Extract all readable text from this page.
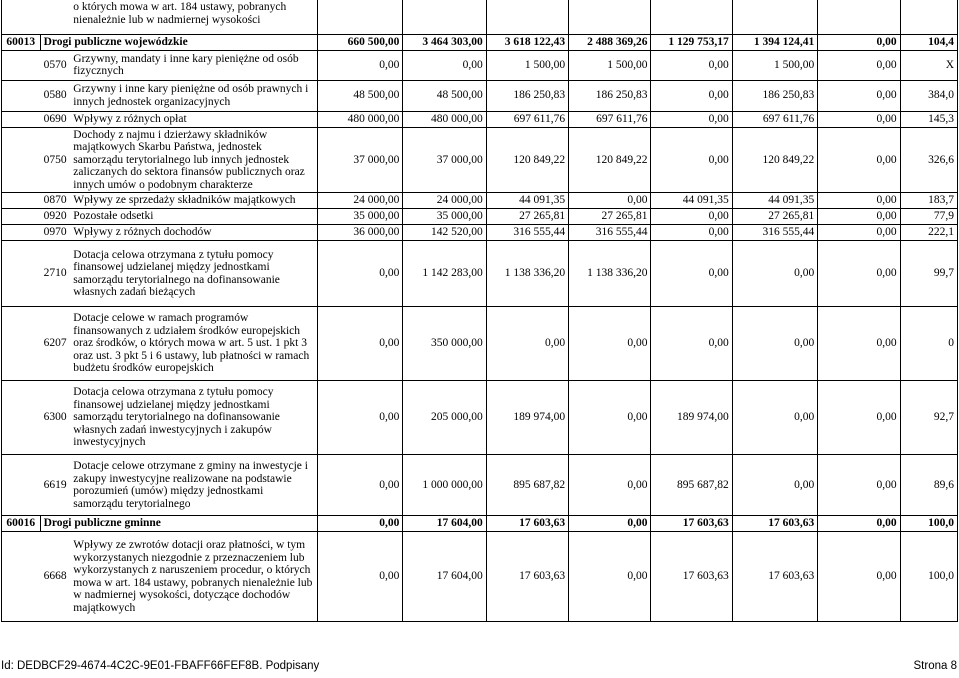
		o których mowa w art. 184 ustawy, pobranych nienależnie lub w nadmiernej wysokości								
60013	Drogi publiczne wojewódzkie		660 500,00	3 464 303,00	3 618 122,43	2 488 369,26	1 129 753,17	1 394 124,41	0,00	104,4
	0570	Grzywny, mandaty i inne kary pieniężne od osób fizycznych	0,00	0,00	1 500,00	1 500,00	0,00	1 500,00	0,00	X
	0580	Grzywny i inne kary pieniężne od osób prawnych i innych jednostek organizacyjnych	48 500,00	48 500,00	186 250,83	186 250,83	0,00	186 250,83	0,00	384,0
	0690	Wpływy z różnych opłat	480 000,00	480 000,00	697 611,76	697 611,76	0,00	697 611,76	0,00	145,3
	0750	Dochody z najmu i dzierżawy składników majątkowych Skarbu Państwa, jednostek samorządu terytorialnego lub innych jednostek zaliczanych do sektora finansów publicznych oraz innych umów o podobnym charakterze	37 000,00	37 000,00	120 849,22	120 849,22	0,00	120 849,22	0,00	326,6
	0870	Wpływy ze sprzedaży składników majątkowych	24 000,00	24 000,00	44 091,35	0,00	44 091,35	44 091,35	0,00	183,7
	0920	Pozostałe odsetki	35 000,00	35 000,00	27 265,81	27 265,81	0,00	27 265,81	0,00	77,9
	0970	Wpływy z różnych dochodów	36 000,00	142 520,00	316 555,44	316 555,44	0,00	316 555,44	0,00	222,1
	2710	Dotacja celowa otrzymana z tytułu pomocy finansowej udzielanej między jednostkami samorządu terytorialnego na dofinansowanie własnych zadań bieżących	0,00	1 142 283,00	1 138 336,20	1 138 336,20	0,00	0,00	0,00	99,7
	6207	Dotacje celowe w ramach programów finansowanych z udziałem środków europejskich oraz środków, o których mowa w art. 5 ust. 1 pkt 3 oraz ust. 3 pkt 5 i 6 ustawy, lub płatności w ramach budżetu środków europejskich	0,00	350 000,00	0,00	0,00	0,00	0,00	0,00	0
	6300	Dotacja celowa otrzymana z tytułu pomocy finansowej udzielanej między jednostkami samorządu terytorialnego na dofinansowanie własnych zadań inwestycyjnych i zakupów inwestycyjnych	0,00	205 000,00	189 974,00	0,00	189 974,00	0,00	0,00	92,7
	6619	Dotacje celowe otrzymane z gminy na inwestycje i zakupy inwestycyjne realizowane na podstawie porozumień (umów) między jednostkami samorządu terytorialnego	0,00	1 000 000,00	895 687,82	0,00	895 687,82	0,00	0,00	89,6
60016	Drogi publiczne gminne		0,00	17 604,00	17 603,63	0,00	17 603,63	17 603,63	0,00	100,0
	6668	Wpływy ze zwrotów dotacji oraz płatności, w tym wykorzystanych niezgodnie z przeznaczeniem lub wykorzystanych z naruszeniem procedur, o których mowa w art. 184 ustawy, pobranych nienależnie lub w nadmiernej wysokości, dotyczące dochodów majątkowych	0,00	17 604,00	17 603,63	0,00	17 603,63	17 603,63	0,00	100,0
Id: DEDBCF29-4674-4C2C-9E01-FBAFF66FEF8B. Podpisany	Strona 8
